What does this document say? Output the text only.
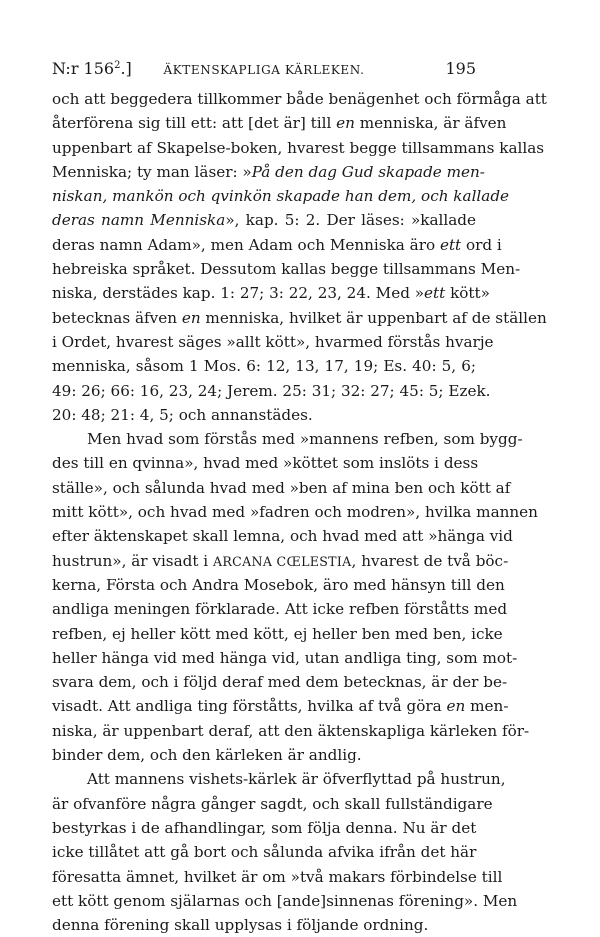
N:r $156^2$.]	ÄKTENSKAPLIGA KÄRLEKEN.	195
och att beggedera tillkommer både benägenhet och förmåga att
återförena sig till ett: att [det är] till en menniska, är äfven
uppenbart af Skapelse-boken, hvarest begge tillsammans kallas
Menniska; ty man läser: »På den dag Gud skapade men-
niskan, mankön och qvinkön skapade han dem, och kallade
deras namn Menniska», kap. 5: 2. Der läses: »kallade
deras namn Adam», men Adam och Menniska äro ett ord i
hebreiska språket. Dessutom kallas begge tillsammans Men-
niska, derstädes kap. 1: 27; 3: 22, 23, 24. Med »ett kött»
betecknas äfven en menniska, hvilket är uppenbart af de ställen
i Ordet, hvarest säges »allt kött», hvarmed förstås hvarje
menniska, såsom 1 Mos. 6: 12, 13, 17, 19; Es. 40: 5, 6;
49: 26; 66: 16, 23, 24; Jerem. 25: 31; 32: 27; 45: 5; Ezek.
20: 48; 21: 4, 5; och annanstädes.
Men hvad som förstås med »mannens refben, som bygg-
des till en qvinna», hvad med »köttet som inslöts i dess
ställe», och sålunda hvad med »ben af mina ben och kött af
mitt kött», och hvad med »fadren och modren», hvilka mannen
efter äktenskapet skall lemna, och hvad med att »hänga vid
hustrun», är visadt i ARCANA CŒLESTIA, hvarest de två böc-
kerna, Första och Andra Mosebok, äro med hänsyn till den
andliga meningen förklarade. Att icke refben förståtts med
refben, ej heller kött med kött, ej heller ben med ben, icke
heller hänga vid med hänga vid, utan andliga ting, som mot-
svara dem, och i följd deraf med dem betecknas, är der be-
visadt. Att andliga ting förståtts, hvilka af två göra en men-
niska, är uppenbart deraf, att den äktenskapliga kärleken för-
binder dem, och den kärleken är andlig.
Att mannens vishets-kärlek är öfverflyttad på hustrun,
är ofvanföre några gånger sagdt, och skall fullständigare
bestyrkas i de afhandlingar, som följa denna. Nu är det
icke tillåtet att gå bort och sålunda afvika ifrån det här
föresatta ämnet, hvilket är om »två makars förbindelse till
ett kött genom själarnas och [ande]sinnenas förening». Men
denna förening skall upplysas i följande ordning.
